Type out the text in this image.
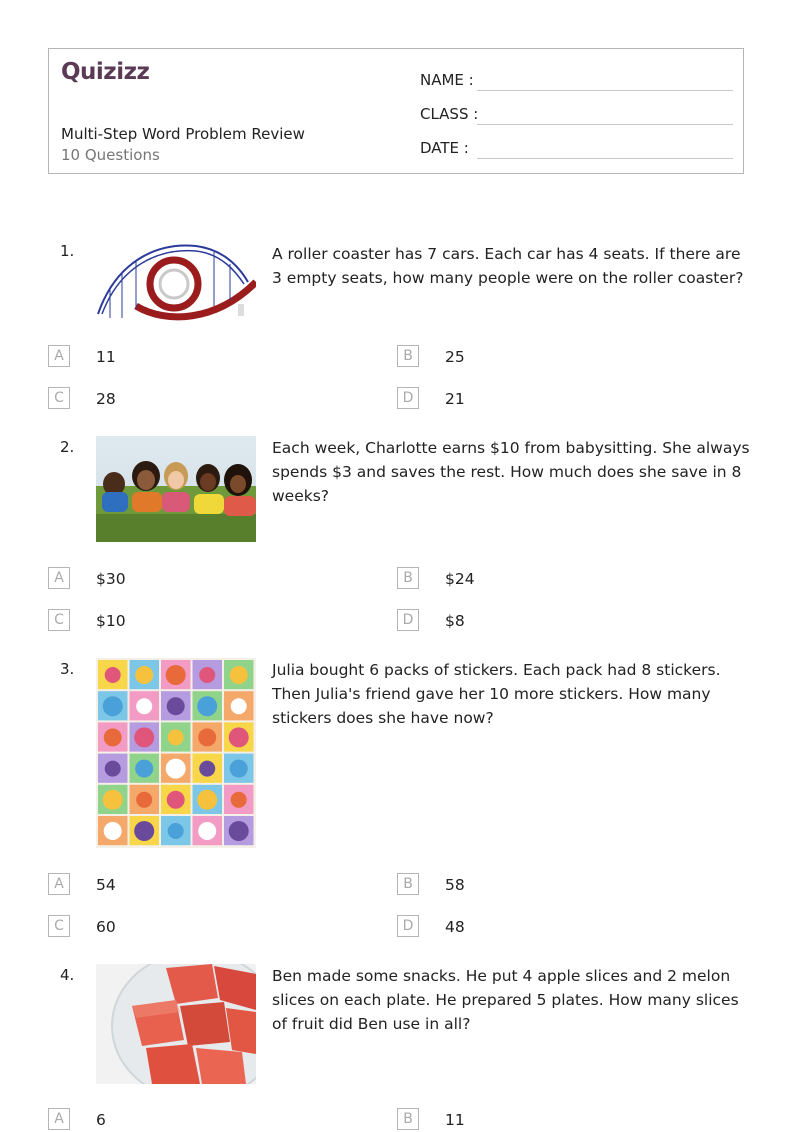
Quizizz
Multi-Step Word Problem Review
10 Questions
NAME :
CLASS :
DATE :
1.	A roller coaster has 7 cars. Each car has 4 seats. If there are 3 empty seats, how many people were on the roller coaster?
A	11	B	25
C	28	D	21
2.	Each week, Charlotte earns $10 from babysitting. She always spends $3 and saves the rest. How much does she save in 8 weeks?
A	$30	B	$24
C	$10	D	$8
3.	Julia bought 6 packs of stickers. Each pack had 8 stickers. Then Julia's friend gave her 10 more stickers. How many stickers does she have now?
A	54	B	58
C	60	D	48
4.	Ben made some snacks. He put 4 apple slices and 2 melon slices on each plate. He prepared 5 plates. How many slices of fruit did Ben use in all?
A	6	B	11
